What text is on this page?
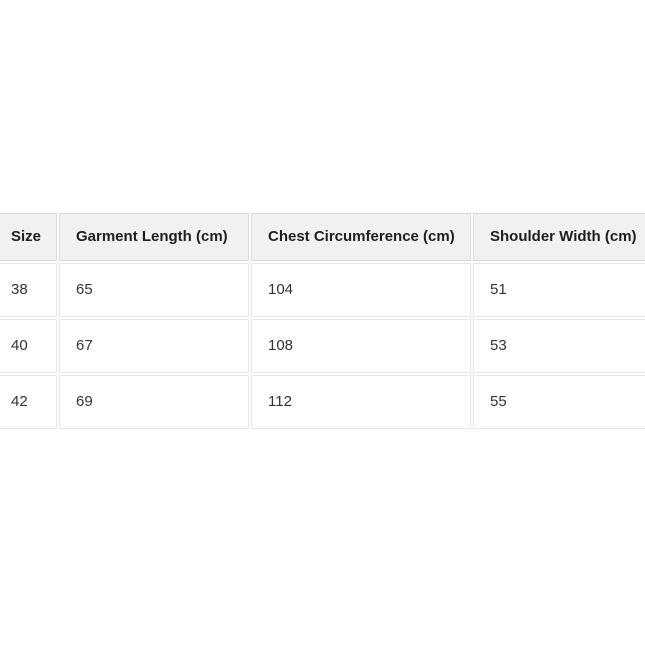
Size	Garment Length (cm)	Chest Circumference (cm)	Shoulder Width (cm)
38	65	104	51
40	67	108	53
42	69	112	55
